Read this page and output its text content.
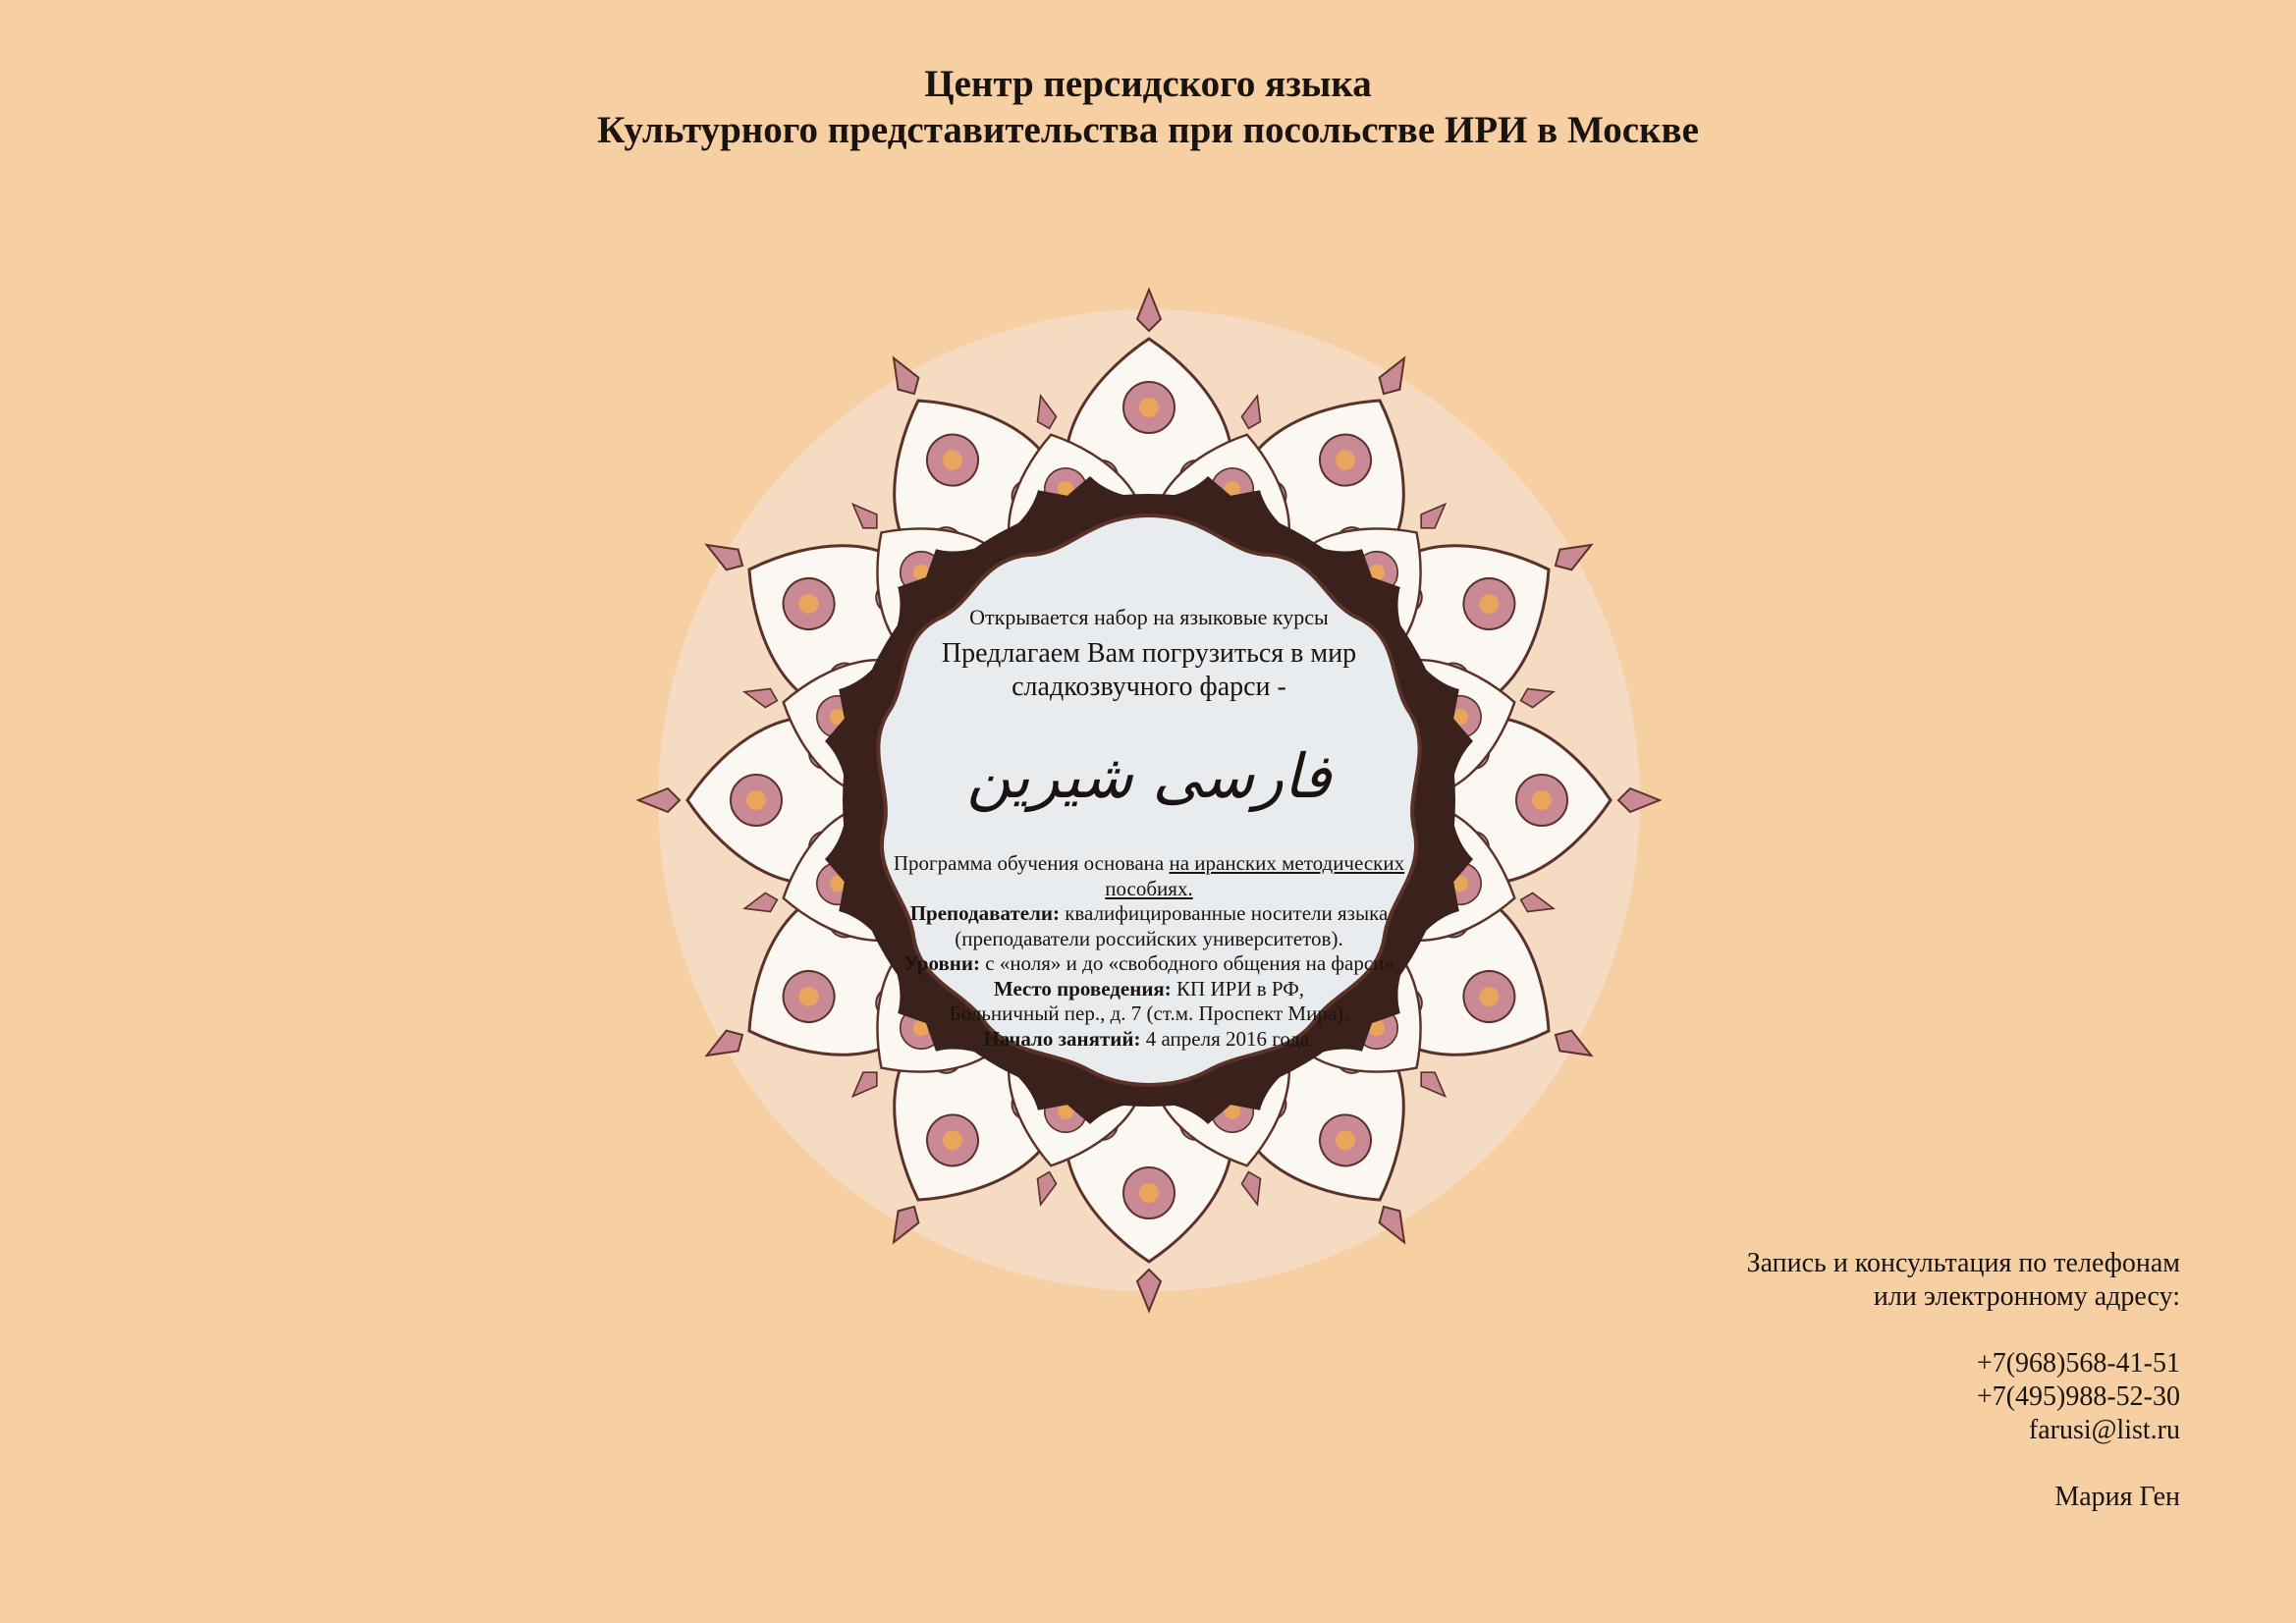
Центр персидского языка
Культурного представительства при посольстве ИРИ в Москве
Открывается набор на языковые курсы
Предлагаем Вам погрузиться в мир
сладкозвучного фарси -
فارسی شیرین
Программа обучения основана на иранских методических
пособиях.
Преподаватели: квалифицированные носители языка
(преподаватели российских университетов).
Уровни: с «ноля» и до «свободного общения на фарси»
Место проведения: КП ИРИ в РФ,
Больничный пер., д. 7 (ст.м. Проспект Мира).
Начало занятий: 4 апреля 2016 года.
Запись и консультация по телефонам
или электронному адресу:
+7(968)568-41-51
+7(495)988-52-30
farusi@list.ru
Мария Ген
